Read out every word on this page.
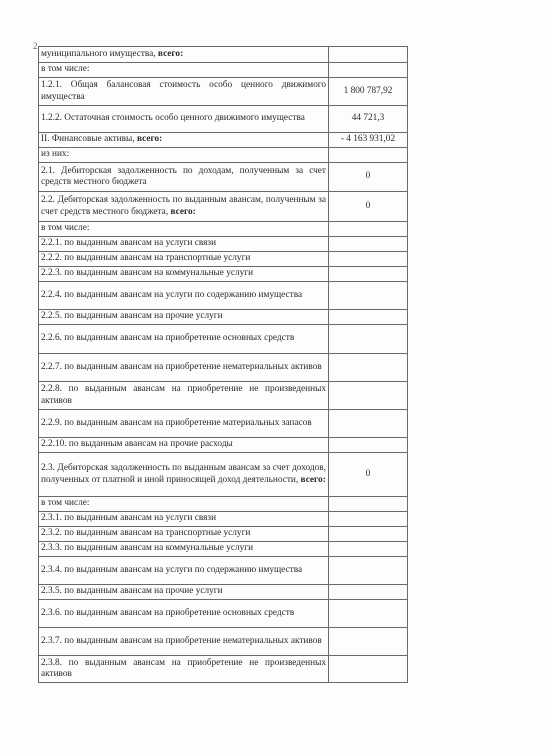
2
муниципального имущества, всего:	
в том числе:	
1.2.1. Общая балансовая стоимость особо ценного движимого имущества	1 800 787,92
1.2.2. Остаточная стоимость особо ценного движимого имущества	44 721,3
II. Финансовые активы, всего:	- 4 163 931,02
из них:	
2.1. Дебиторская задолженность по доходам, полученным за счет средств местного бюджета	0
2.2. Дебиторская задолженность по выданным авансам, полученным за счет средств местного бюджета, всего:	0
в том числе:	
2.2.1. по выданным авансам на услуги связи	
2.2.2. по выданным авансам на транспортные услуги	
2.2.3. по выданным авансам на коммунальные услуги	
2.2.4. по выданным авансам на услуги по содержанию имущества	
2.2.5. по выданным авансам на прочие услуги	
2.2.6. по выданным авансам на приобретение основных средств	
2.2.7. по выданным авансам на приобретение нематериальных активов	
2.2.8. по выданным авансам на приобретение не произведенных активов	
2.2.9. по выданным авансам на приобретение материальных запасов	
2.2.10. по выданным авансам на прочие расходы	
2.3. Дебиторская задолженность по выданным авансам за счет доходов, полученных от платной и иной приносящей доход деятельности, всего:	0
в том числе:	
2.3.1. по выданным авансам на услуги связи	
2.3.2. по выданным авансам на транспортные услуги	
2.3.3. по выданным авансам на коммунальные услуги	
2.3.4. по выданным авансам на услуги по содержанию имущества	
2.3.5. по выданным авансам на прочие услуги	
2.3.6. по выданным авансам на приобретение основных средств	
2.3.7. по выданным авансам на приобретение нематериальных активов	
2.3.8. по выданным авансам на приобретение не произведенных активов	
